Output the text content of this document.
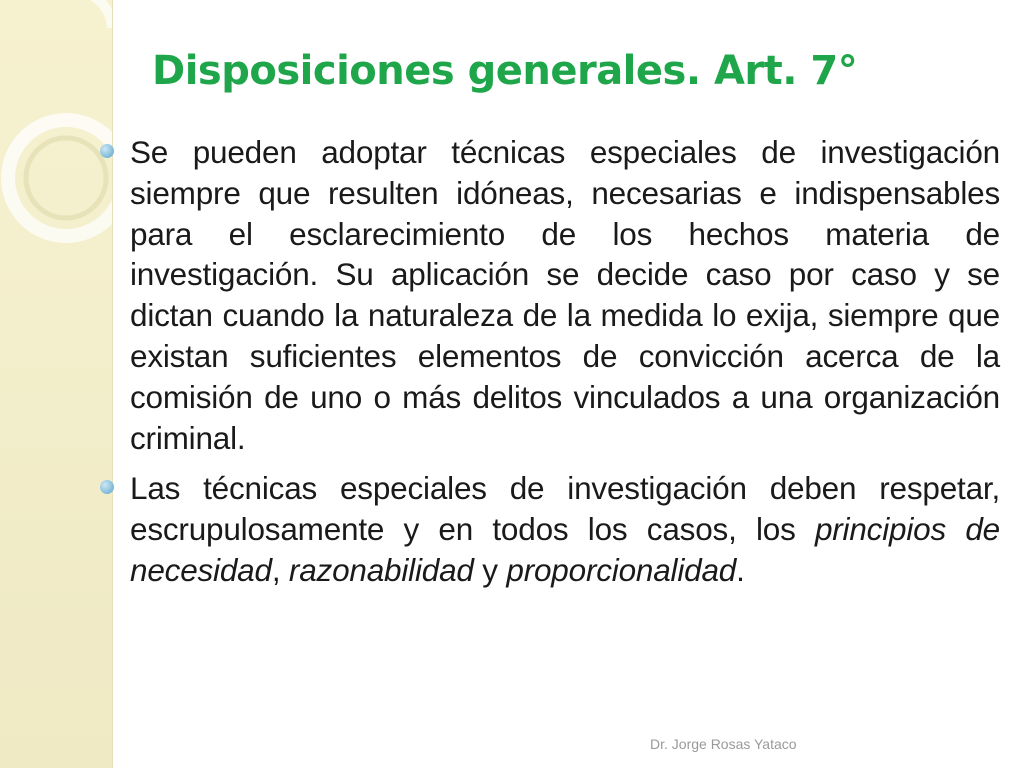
Disposiciones generales. Art. 7°

Se pueden adoptar técnicas especiales de investigación siempre que resulten idóneas, necesarias e indispensables para el esclarecimiento de los hechos materia de investigación. Su aplicación se decide caso por caso y se dictan cuando la naturaleza de la medida lo exija, siempre que existan suficientes elementos de convicción acerca de la comisión de uno o más delitos vinculados a una organización criminal.

Las técnicas especiales de investigación deben respetar, escrupulosamente y en todos los casos, los principios de necesidad, razonabilidad y proporcionalidad.

Dr. Jorge Rosas Yataco
